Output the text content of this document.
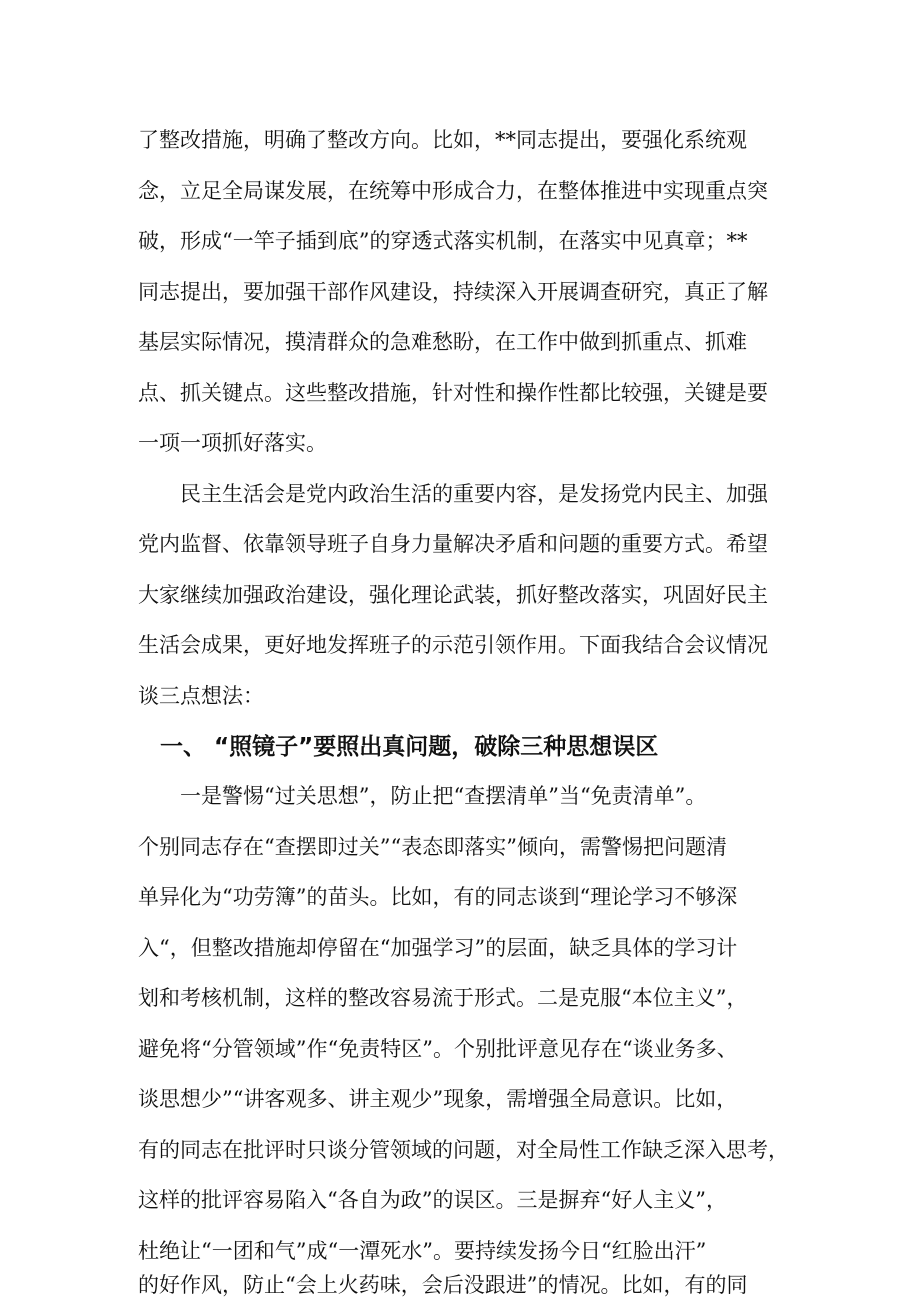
了整改措施，明确了整改方向。比如，**同志提出，要强化系统观
念，立足全局谋发展，在统筹中形成合力，在整体推进中实现重点突
破，形成“一竿子插到底”的穿透式落实机制，在落实中见真章；**
同志提出，要加强干部作风建设，持续深入开展调查研究，真正了解
基层实际情况，摸清群众的急难愁盼，在工作中做到抓重点、抓难
点、抓关键点。这些整改措施，针对性和操作性都比较强，关键是要
一项一项抓好落实。
民主生活会是党内政治生活的重要内容，是发扬党内民主、加强
党内监督、依靠领导班子自身力量解决矛盾和问题的重要方式。希望
大家继续加强政治建设，强化理论武装，抓好整改落实，巩固好民主
生活会成果，更好地发挥班子的示范引领作用。下面我结合会议情况
谈三点想法：
一、 “照镜子”要照出真问题，破除三种思想误区
一是警惕“过关思想”，防止把“查摆清单”当“免责清单”。
个别同志存在“查摆即过关”“表态即落实”倾向，需警惕把问题清
单异化为“功劳簿”的苗头。比如，有的同志谈到“理论学习不够深
入“，但整改措施却停留在“加强学习”的层面，缺乏具体的学习计
划和考核机制，这样的整改容易流于形式。二是克服“本位主义”，
避免将“分管领域”作“免责特区”。个别批评意见存在“谈业务多、
谈思想少”“讲客观多、讲主观少”现象，需增强全局意识。比如，
有的同志在批评时只谈分管领域的问题，对全局性工作缺乏深入思考，
这样的批评容易陷入“各自为政”的误区。三是摒弃“好人主义”，
杜绝让“一团和气”成“一潭死水”。要持续发扬今日“红脸出汗”
的好作风，防止“会上火药味，会后没跟进”的情况。比如，有的同
